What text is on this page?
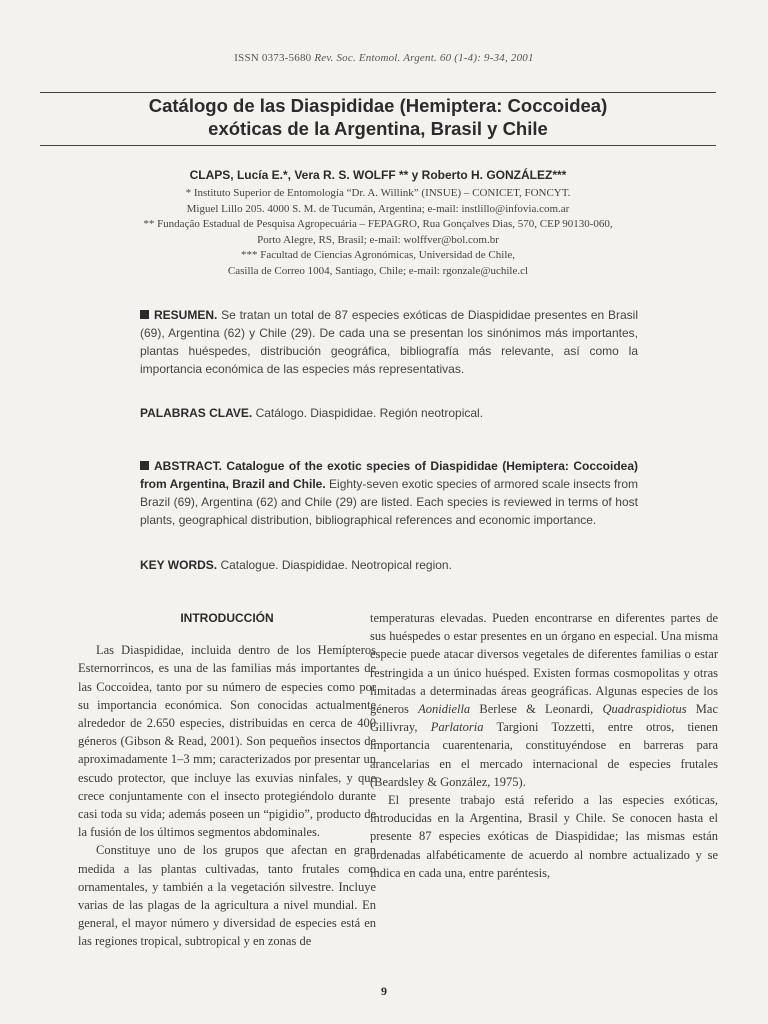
ISSN 0373-5680 Rev. Soc. Entomol. Argent. 60 (1-4): 9-34, 2001
Catálogo de las Diaspididae (Hemiptera: Coccoidea)
exóticas de la Argentina, Brasil y Chile
CLAPS, Lucía E.*, Vera R. S. WOLFF ** y Roberto H. GONZÁLEZ***
* Instituto Superior de Entomología “Dr. A. Willink” (INSUE) – CONICET, FONCYT.
Miguel Lillo 205. 4000 S. M. de Tucumán, Argentina; e-mail: instlillo@infovia.com.ar
** Fundação Estadual de Pesquisa Agropecuária – FEPAGRO, Rua Gonçalves Dias, 570, CEP 90130-060,
Porto Alegre, RS, Brasil; e-mail: wolffver@bol.com.br
*** Facultad de Ciencias Agronómicas, Universidad de Chile,
Casilla de Correo 1004, Santiago, Chile; e-mail: rgonzale@uchile.cl
RESUMEN. Se tratan un total de 87 especies exóticas de Diaspididae presentes en Brasil (69), Argentina (62) y Chile (29). De cada una se presentan los sinónimos más importantes, plantas huéspedes, distribución geográfica, bibliografía más relevante, así como la importancia económica de las especies más representativas.
PALABRAS CLAVE. Catálogo. Diaspididae. Región neotropical.
ABSTRACT. Catalogue of the exotic species of Diaspididae (Hemiptera: Coccoidea) from Argentina, Brazil and Chile. Eighty-seven exotic species of armored scale insects from Brazil (69), Argentina (62) and Chile (29) are listed. Each species is reviewed in terms of host plants, geographical distribution, bibliographical references and economic importance.
KEY WORDS. Catalogue. Diaspididae. Neotropical region.
INTRODUCCIÓN

Las Diaspididae, incluida dentro de los Hemípteros Esternorrincos, es una de las familias más importantes de las Coccoidea, tanto por su número de especies como por su importancia económica. Son conocidas actualmente alrededor de 2.650 especies, distribuidas en cerca de 400 géneros (Gibson & Read, 2001). Son pequeños insectos de aproximadamente 1–3 mm; caracterizados por presentar un escudo protector, que incluye las exuvias ninfales, y que crece conjuntamente con el insecto protegiéndolo durante casi toda su vida; además poseen un “pigidio”, producto de la fusión de los últimos segmentos abdominales.

Constituye uno de los grupos que afectan en gran medida a las plantas cultivadas, tanto frutales como ornamentales, y también a la vegetación silvestre. Incluye varias de las plagas de la agricultura a nivel mundial. En general, el mayor número y diversidad de especies está en las regiones tropical, subtropical y en zonas de

temperaturas elevadas. Pueden encontrarse en diferentes partes de sus huéspedes o estar presentes en un órgano en especial. Una misma especie puede atacar diversos vegetales de diferentes familias o estar restringida a un único huésped. Existen formas cosmopolitas y otras limitadas a determinadas áreas geográficas. Algunas especies de los géneros Aonidiella Berlese & Leonardi, Quadraspidiotus Mac Gillivray, Parlatoria Targioni Tozzetti, entre otros, tienen importancia cuarentenaria, constituyéndose en barreras para arancelarias en el mercado internacional de especies frutales (Beardsley & González, 1975).

El presente trabajo está referido a las especies exóticas, introducidas en la Argentina, Brasil y Chile. Se conocen hasta el presente 87 especies exóticas de Diaspididae; las mismas están ordenadas alfabéticamente de acuerdo al nombre actualizado y se indica en cada una, entre paréntesis,

9
